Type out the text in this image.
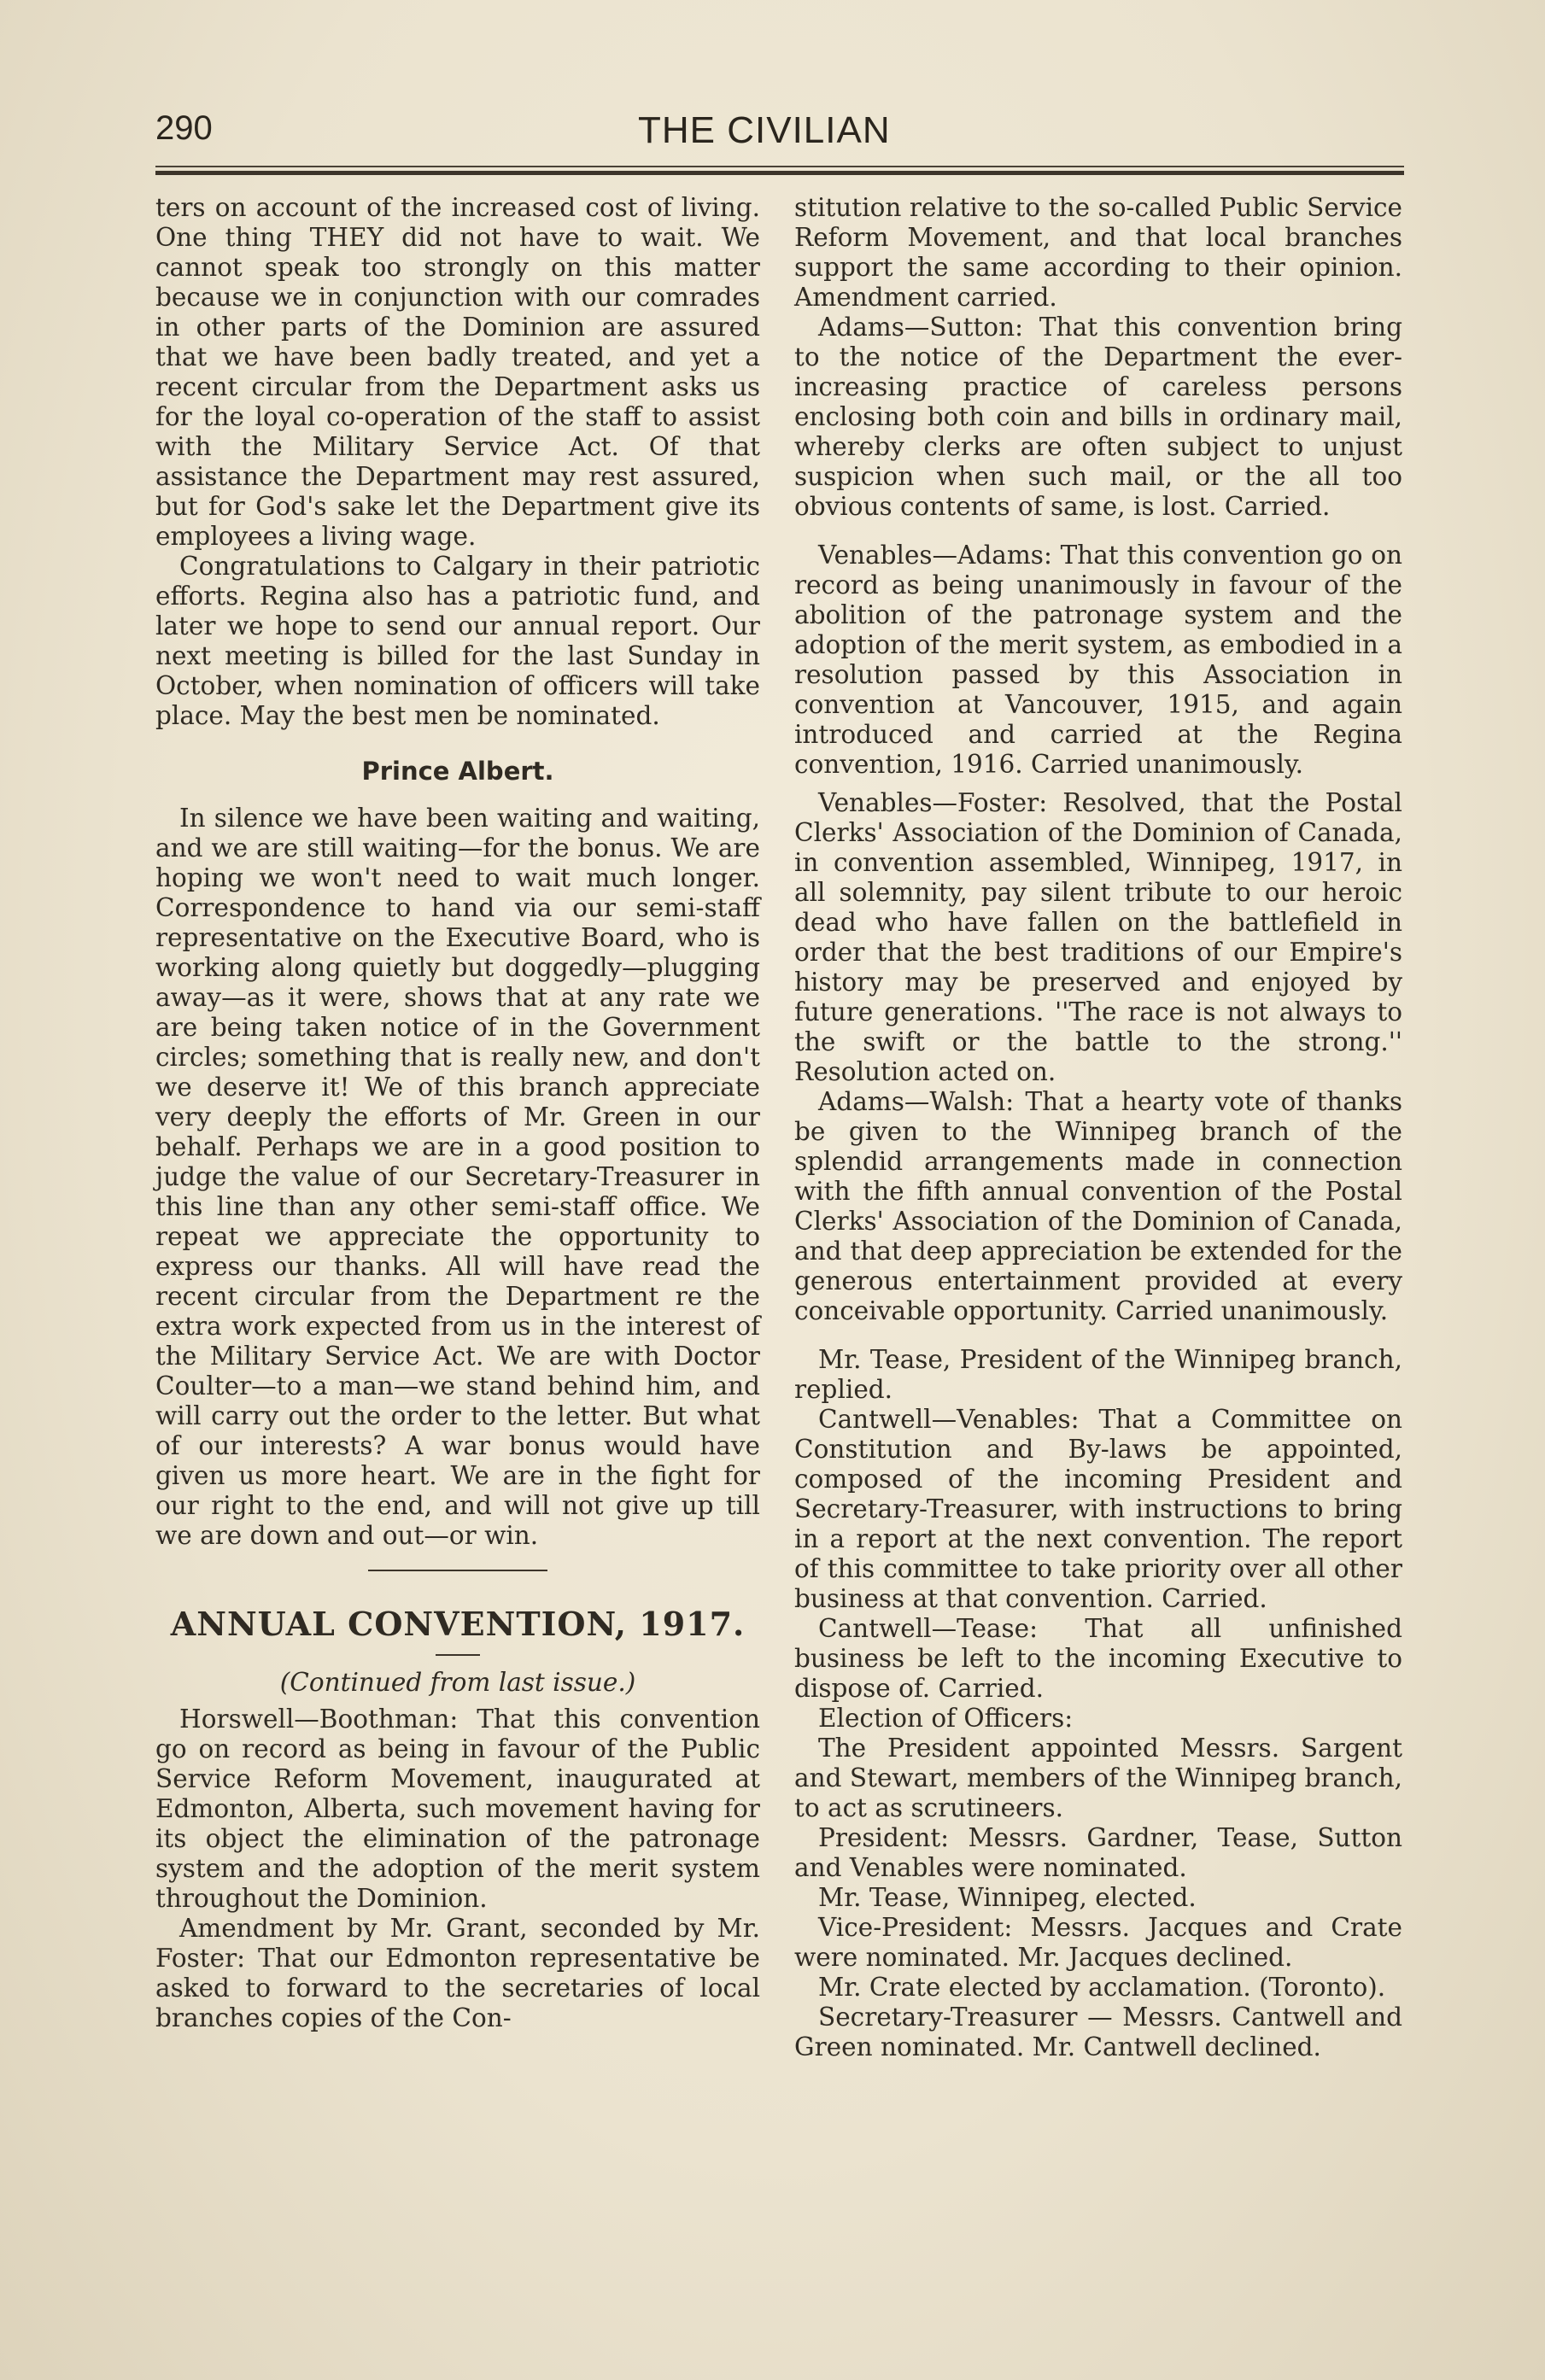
290	THE CIVILIAN

ters on account of the increased cost of living. One thing THEY did not have to wait. We cannot speak too strongly on this matter because we in conjunction with our comrades in other parts of the Dominion are assured that we have been badly treated, and yet a recent circular from the Department asks us for the loyal co-operation of the staff to assist with the Military Service Act. Of that assistance the Department may rest assured, but for God's sake let the Department give its employees a living wage.

Congratulations to Calgary in their patriotic efforts. Regina also has a patriotic fund, and later we hope to send our annual report. Our next meeting is billed for the last Sunday in October, when nomination of officers will take place. May the best men be nominated.

Prince Albert.

In silence we have been waiting and waiting, and we are still waiting—for the bonus. We are hoping we won't need to wait much longer. Correspondence to hand via our semi-staff representative on the Executive Board, who is working along quietly but doggedly—plugging away—as it were, shows that at any rate we are being taken notice of in the Government circles; something that is really new, and don't we deserve it! We of this branch appreciate very deeply the efforts of Mr. Green in our behalf. Perhaps we are in a good position to judge the value of our Secretary-Treasurer in this line than any other semi-staff office. We repeat we appreciate the opportunity to express our thanks. All will have read the recent circular from the Department re the extra work expected from us in the interest of the Military Service Act. We are with Doctor Coulter—to a man—we stand behind him, and will carry out the order to the letter. But what of our interests? A war bonus would have given us more heart. We are in the fight for our right to the end, and will not give up till we are down and out—or win.

ANNUAL CONVENTION, 1917.
(Continued from last issue.)

Horswell—Boothman: That this convention go on record as being in favour of the Public Service Reform Movement, inaugurated at Edmonton, Alberta, such movement having for its object the elimination of the patronage system and the adoption of the merit system throughout the Dominion.

Amendment by Mr. Grant, seconded by Mr. Foster: That our Edmonton representative be asked to forward to the secretaries of local branches copies of the Con-

stitution relative to the so-called Public Service Reform Movement, and that local branches support the same according to their opinion. Amendment carried.

Adams—Sutton: That this convention bring to the notice of the Department the ever-increasing practice of careless persons enclosing both coin and bills in ordinary mail, whereby clerks are often subject to unjust suspicion when such mail, or the all too obvious contents of same, is lost. Carried.

Venables—Adams: That this convention go on record as being unanimously in favour of the abolition of the patronage system and the adoption of the merit system, as embodied in a resolution passed by this Association in convention at Vancouver, 1915, and again introduced and carried at the Regina convention, 1916. Carried unanimously.

Venables—Foster: Resolved, that the Postal Clerks' Association of the Dominion of Canada, in convention assembled, Winnipeg, 1917, in all solemnity, pay silent tribute to our heroic dead who have fallen on the battlefield in order that the best traditions of our Empire's history may be preserved and enjoyed by future generations. ''The race is not always to the swift or the battle to the strong.'' Resolution acted on.

Adams—Walsh: That a hearty vote of thanks be given to the Winnipeg branch of the splendid arrangements made in connection with the fifth annual convention of the Postal Clerks' Association of the Dominion of Canada, and that deep appreciation be extended for the generous entertainment provided at every conceivable opportunity. Carried unanimously.

Mr. Tease, President of the Winnipeg branch, replied.

Cantwell—Venables: That a Committee on Constitution and By-laws be appointed, composed of the incoming President and Secretary-Treasurer, with instructions to bring in a report at the next convention. The report of this committee to take priority over all other business at that convention. Carried.

Cantwell—Tease: That all unfinished business be left to the incoming Executive to dispose of. Carried.

Election of Officers:

The President appointed Messrs. Sargent and Stewart, members of the Winnipeg branch, to act as scrutineers.

President: Messrs. Gardner, Tease, Sutton and Venables were nominated.

Mr. Tease, Winnipeg, elected.

Vice-President: Messrs. Jacques and Crate were nominated. Mr. Jacques declined.

Mr. Crate elected by acclamation. (Toronto).

Secretary-Treasurer — Messrs. Cantwell and Green nominated. Mr. Cantwell declined.
